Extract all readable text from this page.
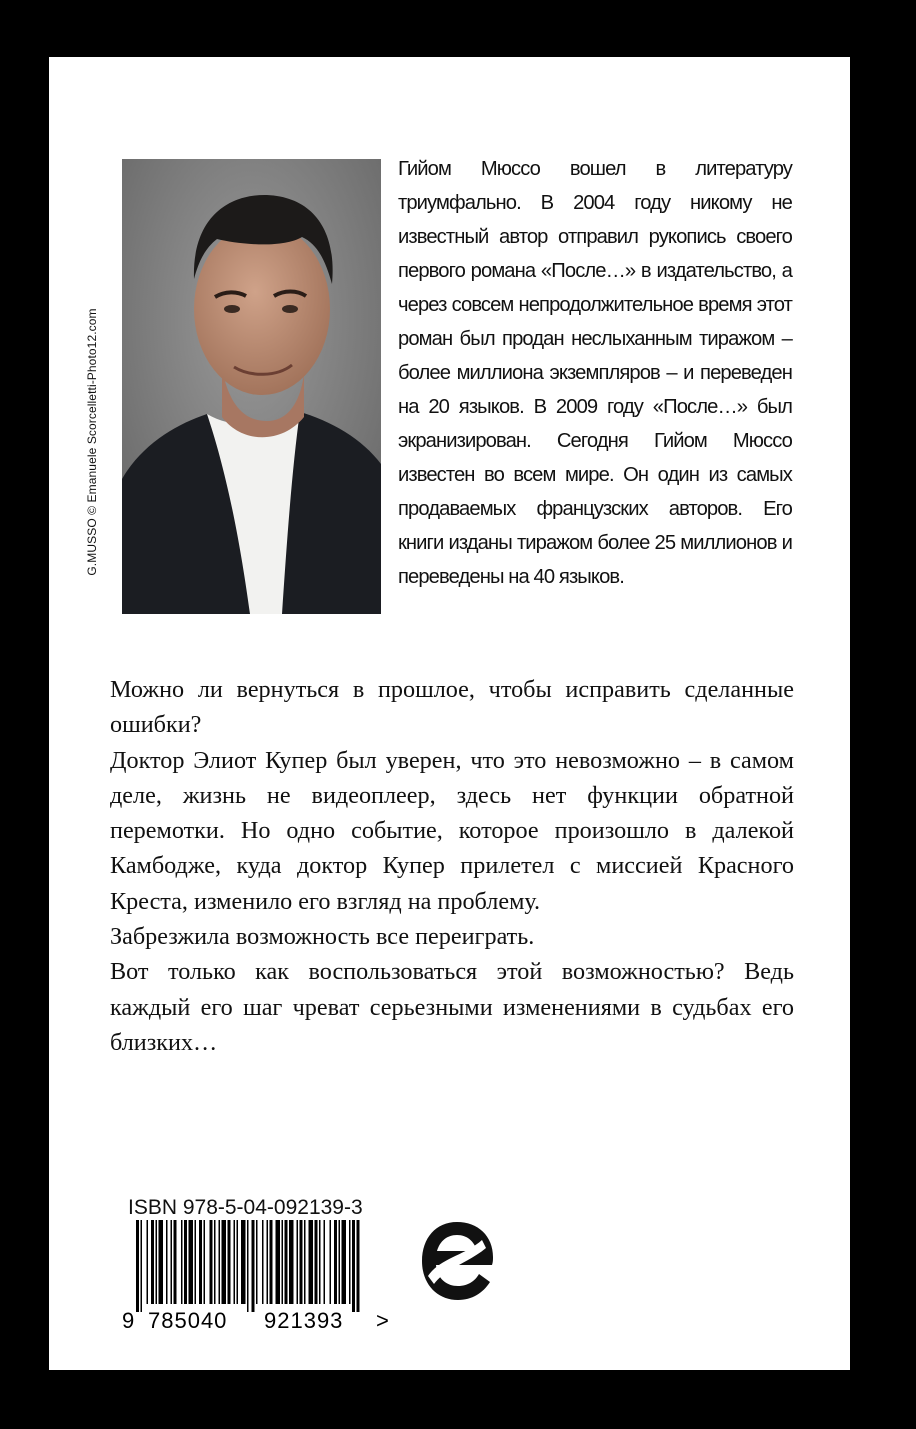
G.MUSSO © Emanuele Scorcelletti-Photo12.com

Гийом Мюссо вошел в литературу триумфально. В 2004 году никому не известный автор отправил рукопись своего первого романа «После…» в издательство, а через совсем непродолжительное время этот роман был продан неслыханным тиражом – более миллиона экземпляров – и переведен на 20 языков. В 2009 году «После…» был экранизирован. Сегодня Гийом Мюссо известен во всем мире. Он один из самых продаваемых французских авторов. Его книги изданы тиражом более 25 миллионов и переведены на 40 языков.

Можно ли вернуться в прошлое, чтобы исправить сделанные ошибки?

Доктор Элиот Купер был уверен, что это невозможно – в самом деле, жизнь не видеоплеер, здесь нет функции обратной перемотки. Но одно событие, которое произошло в далекой Камбодже, куда доктор Купер прилетел с миссией Красного Креста, изменило его взгляд на проблему.

Забрезжила возможность все переиграть.

Вот только как воспользоваться этой возможностью? Ведь каждый его шаг чреват серьезными изменениями в судьбах его близких…

ISBN 978-5-04-092139-3
9 785040 921393 >
